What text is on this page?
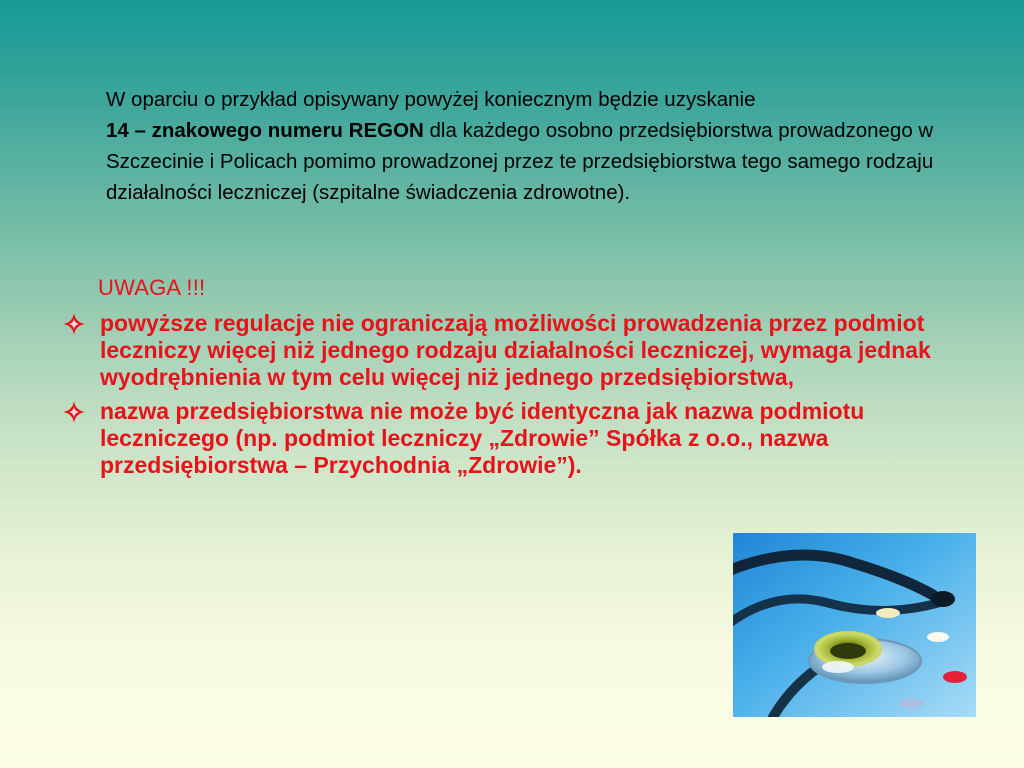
W oparciu o przykład opisywany powyżej koniecznym będzie uzyskanie
14 – znakowego numeru REGON dla każdego osobno przedsiębiorstwa prowadzonego w Szczecinie i Policach pomimo prowadzonej przez te przedsiębiorstwa tego samego rodzaju działalności leczniczej (szpitalne świadczenia zdrowotne).
UWAGA !!!
powyższe regulacje nie ograniczają możliwości prowadzenia przez podmiot leczniczy więcej niż jednego rodzaju działalności leczniczej, wymaga jednak wyodrębnienia w tym celu więcej niż jednego przedsiębiorstwa,
nazwa przedsiębiorstwa nie może być identyczna jak nazwa podmiotu leczniczego (np. podmiot leczniczy „Zdrowie” Spółka z o.o., nazwa przedsiębiorstwa – Przychodnia „Zdrowie”).
